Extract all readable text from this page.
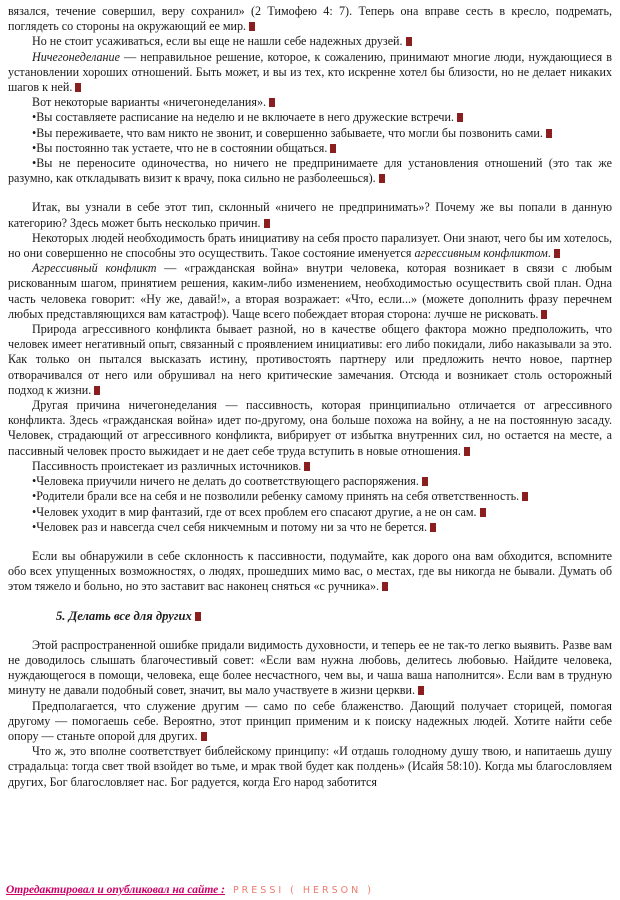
вязался, течение совершил, веру сохранил» (2 Тимофею 4: 7). Теперь она вправе сесть в кресло, подремать, поглядеть со стороны на окружающий ее мир.
Но не стоит усаживаться, если вы еще не нашли себе надежных друзей.
Ничегонеделание — неправильное решение, которое, к сожалению, принимают многие люди, нуждающиеся в установлении хороших отношений. Быть может, и вы из тех, кто искренне хотел бы близости, но не делает никаких шагов к ней.
Вот некоторые варианты «ничегонеделания».
•Вы составляете расписание на неделю и не включаете в него дружеские встречи.
•Вы переживаете, что вам никто не звонит, и совершенно забываете, что могли бы позвонить сами.
•Вы постоянно так устаете, что не в состоянии общаться.
•Вы не переносите одиночества, но ничего не предпринимаете для установления отношений (это так же разумно, как откладывать визит к врачу, пока сильно не разболеешься).
Итак, вы узнали в себе этот тип, склонный «ничего не предпринимать»? Почему же вы попали в данную категорию? Здесь может быть несколько причин.
Некоторых людей необходимость брать инициативу на себя просто парализует. Они знают, чего бы им хотелось, но они совершенно не способны это осуществить. Такое состояние именуется агрессивным конфликтом.
Агрессивный конфликт — «гражданская война» внутри человека, которая возникает в связи с любым рискованным шагом, принятием решения, каким-либо изменением, необходимостью осуществить свой план. Одна часть человека говорит: «Ну же, давай!», а вторая возражает: «Что, если...» (можете дополнить фразу перечнем любых представляющихся вам катастроф). Чаще всего побеждает вторая сторона: лучше не рисковать.
Природа агрессивного конфликта бывает разной, но в качестве общего фактора можно предположить, что человек имеет негативный опыт, связанный с проявлением инициативы: его либо покидали, либо наказывали за это. Как только он пытался высказать истину, противостоять партнеру или предложить нечто новое, партнер отворачивался от него или обрушивал на него критические замечания. Отсюда и возникает столь осторожный подход к жизни.
Другая причина ничегонеделания — пассивность, которая принципиально отличается от агрессивного конфликта. Здесь «гражданская война» идет по-другому, она больше похожа на войну, а не на постоянную засаду. Человек, страдающий от агрессивного конфликта, вибрирует от избытка внутренних сил, но остается на месте, а пассивный человек просто выжидает и не дает себе труда вступить в новые отношения.
Пассивность проистекает из различных источников.
•Человека приучили ничего не делать до соответствующего распоряжения.
•Родители брали все на себя и не позволили ребенку самому принять на себя ответственность.
•Человек уходит в мир фантазий, где от всех проблем его спасают другие, а не он сам.
•Человек раз и навсегда счел себя никчемным и потому ни за что не берется.
Если вы обнаружили в себе склонность к пассивности, подумайте, как дорого она вам обходится, вспомните обо всех упущенных возможностях, о людях, прошедших мимо вас, о местах, где вы никогда не бывали. Думать об этом тяжело и больно, но это заставит вас наконец сняться «с ручника».
5. Делать все для других
Этой распространенной ошибке придали видимость духовности, и теперь ее не так-то легко выявить. Разве вам не доводилось слышать благочестивый совет: «Если вам нужна любовь, делитесь любовью. Найдите человека, нуждающегося в помощи, человека, еще более несчастного, чем вы, и чаша ваша наполнится». Если вам в трудную минуту не давали подобный совет, значит, вы мало участвуете в жизни церкви.
Предполагается, что служение другим — само по себе блаженство. Дающий получает сторицей, помогая другому — помогаешь себе. Вероятно, этот принцип применим и к поиску надежных людей. Хотите найти себе опору — станьте опорой для других.
Что ж, это вполне соответствует библейскому принципу: «И отдашь голодному душу твою, и напитаешь душу страдальца: тогда свет твой взойдет во тьме, и мрак твой будет как полдень» (Исайя 58:10). Когда мы благословляем других, Бог благословляет нас. Бог радуется, когда Его народ заботится
Отредактировал и опубликовал на сайте : PRESSI ( HERSON )
